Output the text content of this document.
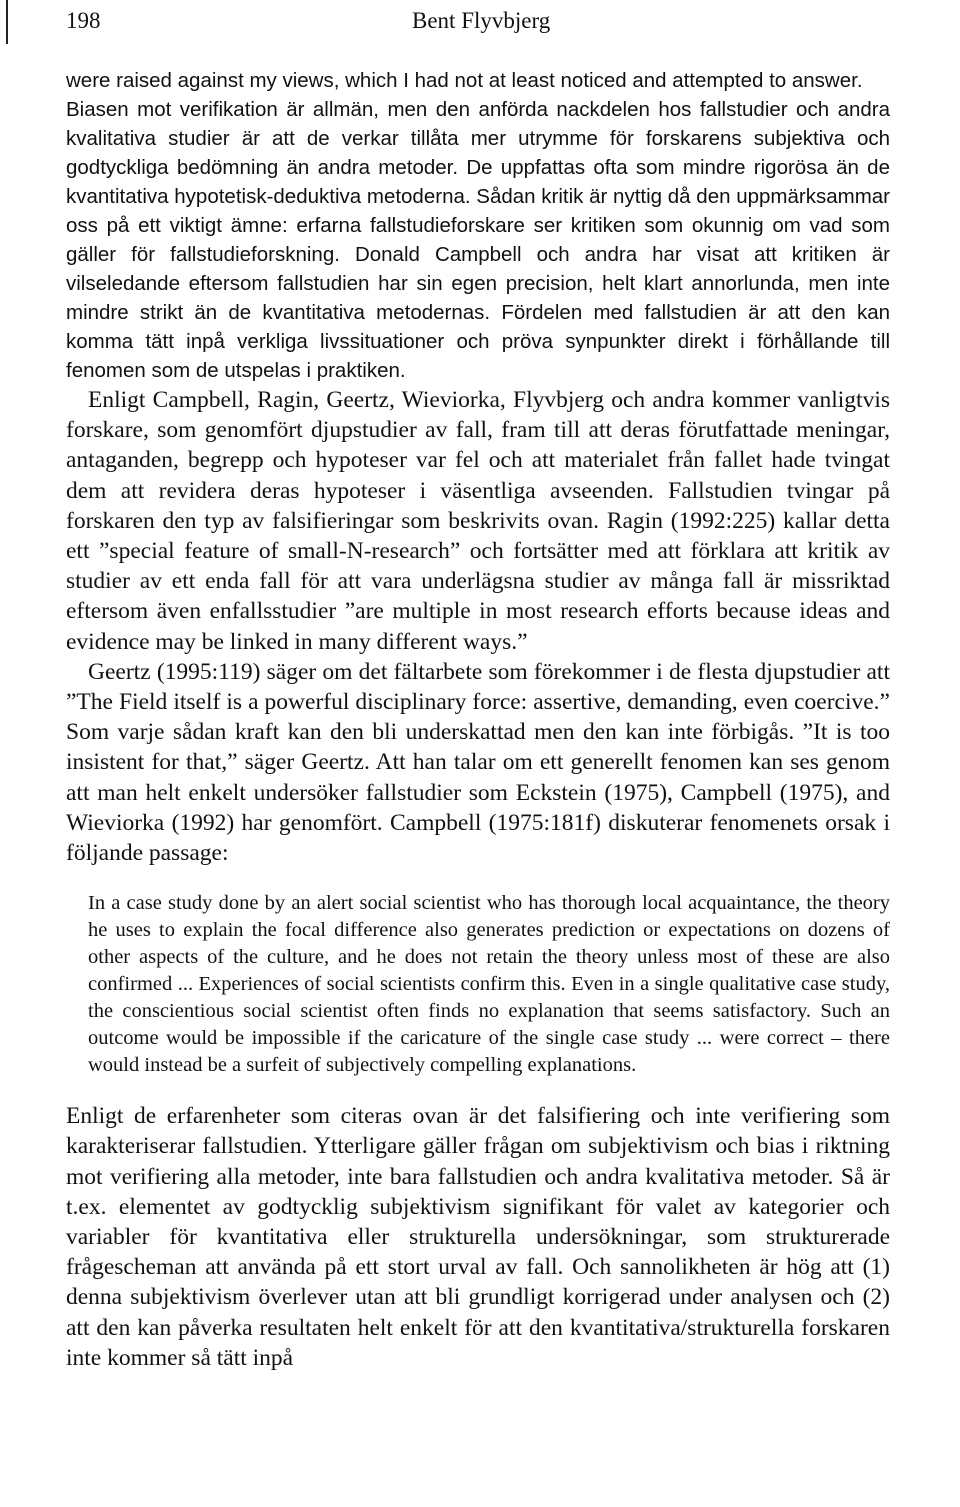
198	Bent Flyvbjerg

were raised against my views, which I had not at least noticed and attempted to answer.

Biasen mot verifikation är allmän, men den anförda nackdelen hos fallstudier och andra kvalitativa studier är att de verkar tillåta mer utrymme för forskarens subjektiva och godtyckliga bedömning än andra metoder. De uppfattas ofta som mindre rigorösa än de kvantitativa hypotetisk-deduktiva metoderna. Sådan kritik är nyttig då den uppmärksammar oss på ett viktigt ämne: erfarna fallstudieforskare ser kritiken som okunnig om vad som gäller för fallstudieforskning. Donald Campbell och andra har visat att kritiken är vilseledande eftersom fallstudien har sin egen precision, helt klart annorlunda, men inte mindre strikt än de kvantitativa metodernas. Fördelen med fallstudien är att den kan komma tätt inpå verkliga livssituationer och pröva synpunkter direkt i förhållande till fenomen som de utspelas i praktiken.

Enligt Campbell, Ragin, Geertz, Wieviorka, Flyvbjerg och andra kommer vanligtvis forskare, som genomfört djupstudier av fall, fram till att deras förutfattade meningar, antaganden, begrepp och hypoteser var fel och att materialet från fallet hade tvingat dem att revidera deras hypoteser i väsentliga avseenden. Fallstudien tvingar på forskaren den typ av falsifieringar som beskrivits ovan. Ragin (1992:225) kallar detta ett ”special feature of small-N-research” och fortsätter med att förklara att kritik av studier av ett enda fall för att vara underlägsna studier av många fall är missriktad eftersom även enfallsstudier ”are multiple in most research efforts because ideas and evidence may be linked in many different ways.”

Geertz (1995:119) säger om det fältarbete som förekommer i de flesta djupstudier att ”The Field itself is a powerful disciplinary force: assertive, demanding, even coercive.” Som varje sådan kraft kan den bli underskattad men den kan inte förbigås. ”It is too insistent for that,” säger Geertz. Att han talar om ett generellt fenomen kan ses genom att man helt enkelt undersöker fallstudier som Eckstein (1975), Campbell (1975), and Wieviorka (1992) har genomfört. Campbell (1975:181f) diskuterar fenomenets orsak i följande passage:

In a case study done by an alert social scientist who has thorough local acquaintance, the theory he uses to explain the focal difference also generates prediction or expectations on dozens of other aspects of the culture, and he does not retain the theory unless most of these are also confirmed ... Experiences of social scientists confirm this. Even in a single qualitative case study, the conscientious social scientist often finds no explanation that seems satisfactory. Such an outcome would be impossible if the caricature of the single case study ... were correct – there would instead be a surfeit of subjectively compelling explanations.

Enligt de erfarenheter som citeras ovan är det falsifiering och inte verifiering som karakteriserar fallstudien. Ytterligare gäller frågan om subjektivism och bias i riktning mot verifiering alla metoder, inte bara fallstudien och andra kvalitativa metoder. Så är t.ex. elementet av godtycklig subjektivism signifikant för valet av kategorier och variabler för kvantitativa eller strukturella undersökningar, som strukturerade frågescheman att använda på ett stort urval av fall. Och sannolikheten är hög att (1) denna subjektivism överlever utan att bli grundligt korrigerad under analysen och (2) att den kan påverka resultaten helt enkelt för att den kvantitativa/strukturella forskaren inte kommer så tätt inpå
